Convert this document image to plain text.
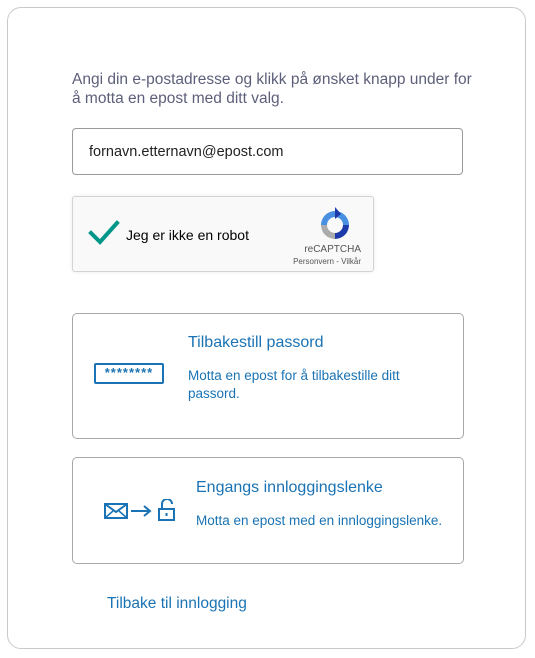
Angi din e-postadresse og klikk på ønsket knapp under for å motta en epost med ditt valg.
fornavn.etternavn@epost.com
Jeg er ikke en robot
reCAPTCHA
Personvern - Vilkår
********
Tilbakestill passord
Motta en epost for å tilbakestille ditt passord.
Engangs innloggingslenke
Motta en epost med en innloggingslenke.
Tilbake til innlogging
